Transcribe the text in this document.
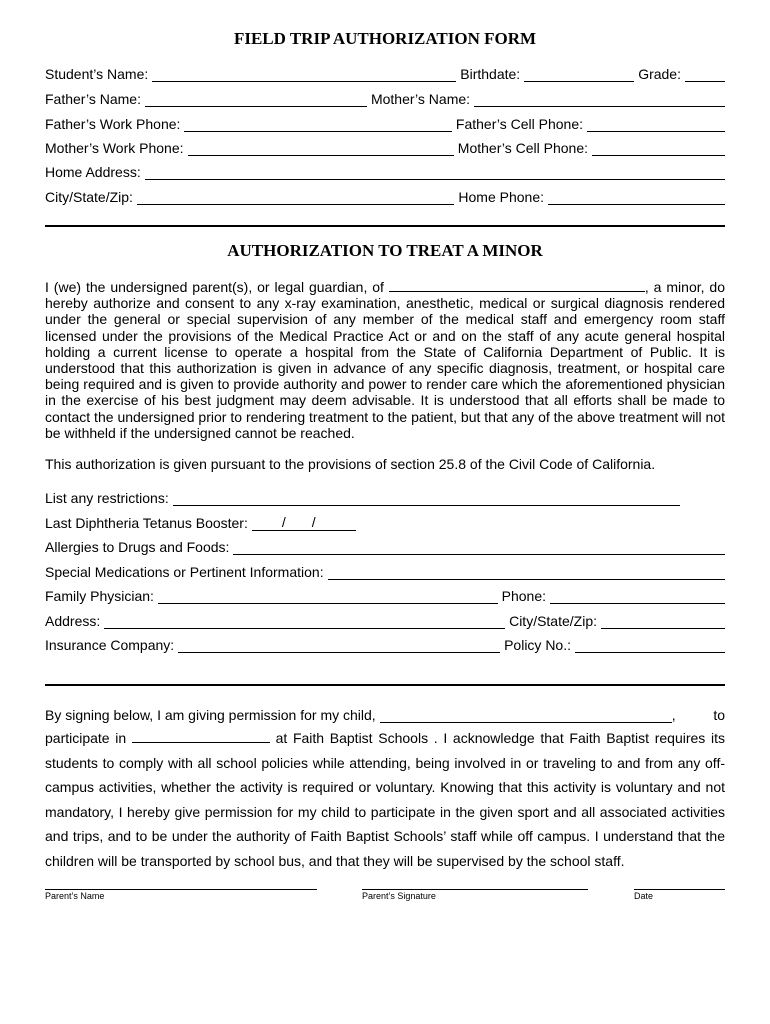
FIELD TRIP AUTHORIZATION FORM
Student’s Name:	Birthdate:	Grade:
Father’s Name:	Mother’s Name:
Father’s Work Phone:	Father’s Cell Phone:
Mother’s Work Phone:	Mother’s Cell Phone:
Home Address:
City/State/Zip:	Home Phone:
AUTHORIZATION TO TREAT A MINOR
I (we) the undersigned parent(s), or legal guardian, of	, a minor, do hereby authorize and consent to any x-ray examination, anesthetic, medical or surgical diagnosis rendered under the general or special supervision of any member of the medical staff and emergency room staff licensed under the provisions of the Medical Practice Act or and on the staff of any acute general hospital holding a current license to operate a hospital from the State of California Department of Public. It is understood that this authorization is given in advance of any specific diagnosis, treatment, or hospital care being required and is given to provide authority and power to render care which the aforementioned physician in the exercise of his best judgment may deem advisable. It is understood that all efforts shall be made to contact the undersigned prior to rendering treatment to the patient, but that any of the above treatment will not be withheld if the undersigned cannot be reached.
This authorization is given pursuant to the provisions of section 25.8 of the Civil Code of California.
List any restrictions:
Last Diphtheria Tetanus Booster: / /
Allergies to Drugs and Foods:
Special Medications or Pertinent Information:
Family Physician:	Phone:
Address:	City/State/Zip:
Insurance Company:	Policy No.:
By signing below, I am giving permission for my child,	,	to
participate in	at Faith Baptist Schools . I acknowledge that Faith Baptist requires its students to comply with all school policies while attending, being involved in or traveling to and from any off-campus activities, whether the activity is required or voluntary. Knowing that this activity is voluntary and not mandatory, I hereby give permission for my child to participate in the given sport and all associated activities and trips, and to be under the authority of Faith Baptist Schools’ staff while off campus. I understand that the children will be transported by school bus, and that they will be supervised by the school staff.
Parent’s Name	Parent’s Signature	Date
